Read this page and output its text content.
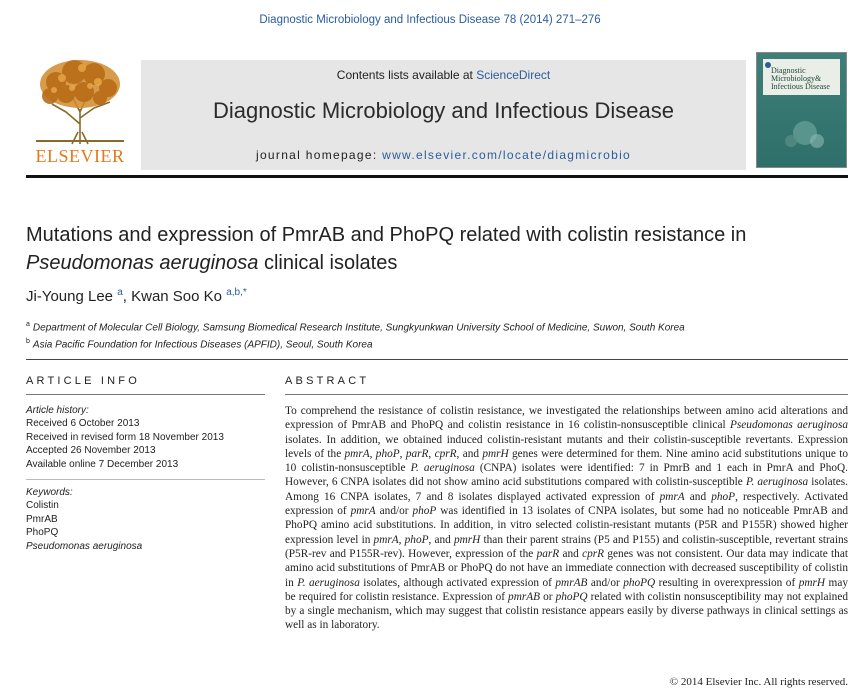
Diagnostic Microbiology and Infectious Disease 78 (2014) 271–276
ELSEVIER
Contents lists available at ScienceDirect
Diagnostic Microbiology and Infectious Disease
journal homepage: www.elsevier.com/locate/diagmicrobio
Diagnostic
Microbiology&
Infectious Disease
Mutations and expression of PmrAB and PhoPQ related with colistin resistance in
Pseudomonas aeruginosa clinical isolates
Ji-Young Lee $^a$, Kwan Soo Ko $^{a,b,*}$
$^a$ Department of Molecular Cell Biology, Samsung Biomedical Research Institute, Sungkyunkwan University School of Medicine, Suwon, South Korea
$^b$ Asia Pacific Foundation for Infectious Diseases (APFID), Seoul, South Korea
ARTICLE INFO	ABSTRACT
Article history:
Received 6 October 2013
Received in revised form 18 November 2013
Accepted 26 November 2013
Available online 7 December 2013
Keywords:
Colistin
PmrAB
PhoPQ
Pseudomonas aeruginosa
To comprehend the resistance of colistin resistance, we investigated the relationships between amino acid alterations and expression of PmrAB and PhoPQ and colistin resistance in 16 colistin-nonsusceptible clinical Pseudomonas aeruginosa isolates. In addition, we obtained induced colistin-resistant mutants and their colistin-susceptible revertants. Expression levels of the pmrA, phoP, parR, cprR, and pmrH genes were determined for them. Nine amino acid substitutions unique to 10 colistin-nonsusceptible P. aeruginosa (CNPA) isolates were identified: 7 in PmrB and 1 each in PmrA and PhoQ. However, 6 CNPA isolates did not show amino acid substitutions compared with colistin-susceptible P. aeruginosa isolates. Among 16 CNPA isolates, 7 and 8 isolates displayed activated expression of pmrA and phoP, respectively. Activated expression of pmrA and/or phoP was identified in 13 isolates of CNPA isolates, but some had no noticeable PmrAB and PhoPQ amino acid substitutions. In addition, in vitro selected colistin-resistant mutants (P5R and P155R) showed higher expression level in pmrA, phoP, and pmrH than their parent strains (P5 and P155) and colistin-susceptible, revertant strains (P5R-rev and P155R-rev). However, expression of the parR and cprR genes was not consistent. Our data may indicate that amino acid substitutions of PmrAB or PhoPQ do not have an immediate connection with decreased susceptibility of colistin in P. aeruginosa isolates, although activated expression of pmrAB and/or phoPQ resulting in overexpression of pmrH may be required for colistin resistance. Expression of pmrAB or phoPQ related with colistin nonsusceptibility may not explained by a single mechanism, which may suggest that colistin resistance appears easily by diverse pathways in clinical settings as well as in laboratory.
© 2014 Elsevier Inc. All rights reserved.
